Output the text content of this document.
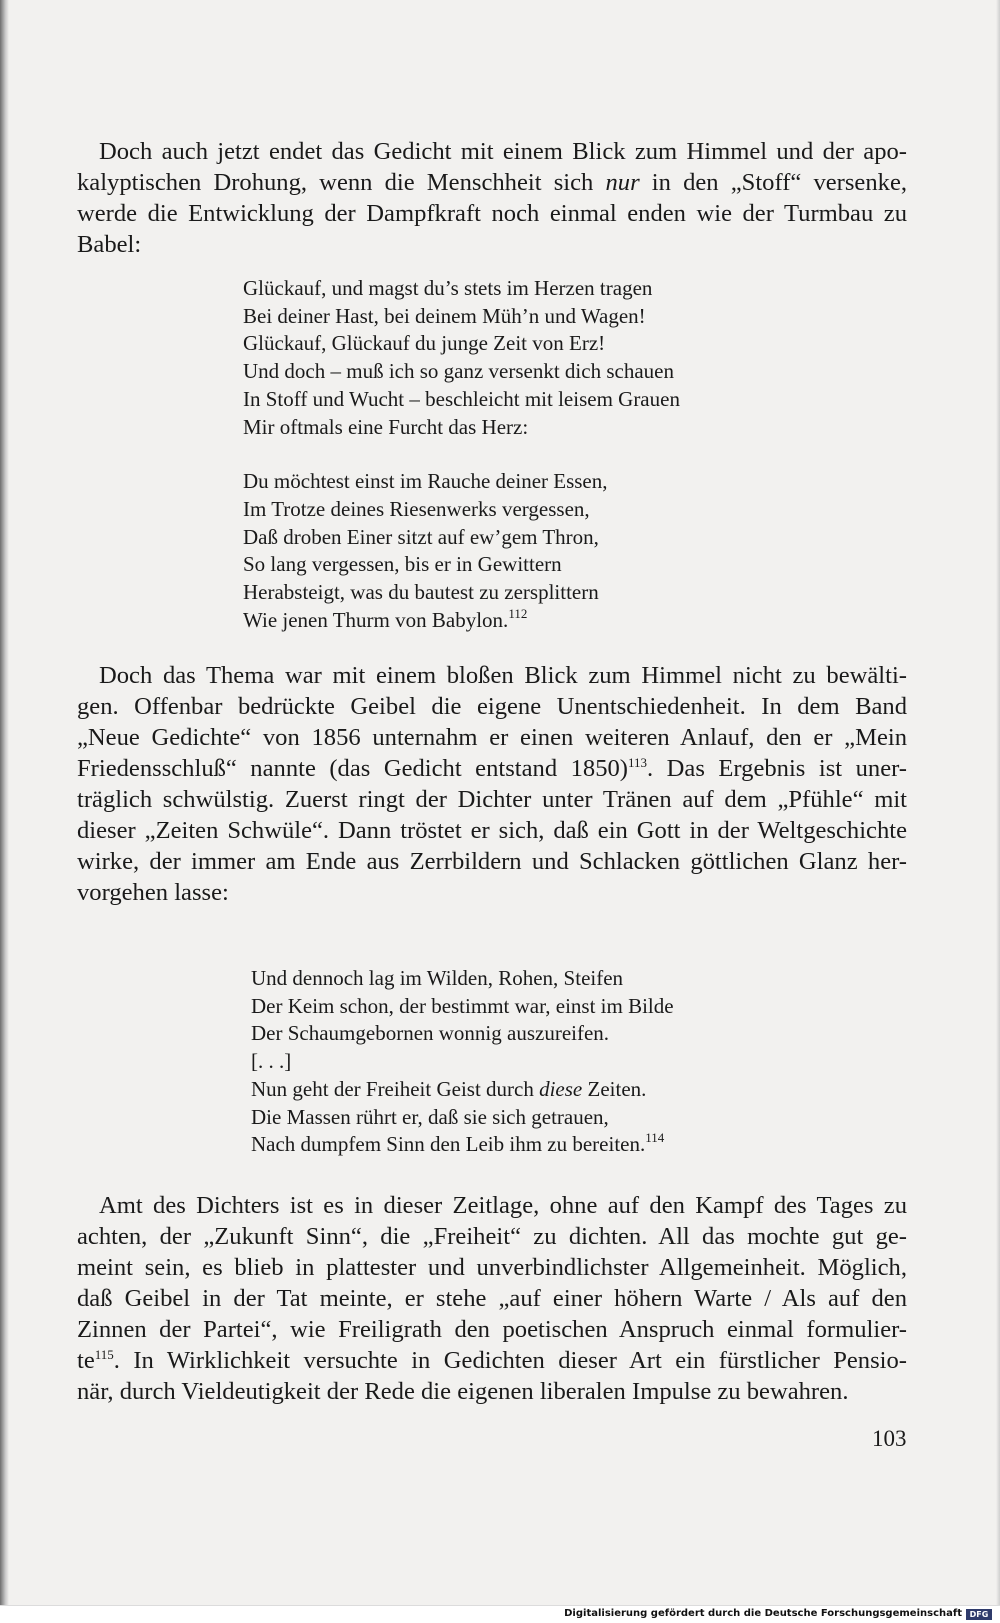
Doch auch jetzt endet das Gedicht mit einem Blick zum Himmel und der apo-
kalyptischen Drohung, wenn die Menschheit sich nur in den „Stoff“ versenke,
werde die Entwicklung der Dampfkraft noch einmal enden wie der Turmbau zu
Babel:
Glückauf, und magst du’s stets im Herzen tragen
Bei deiner Hast, bei deinem Müh’n und Wagen!
Glückauf, Glückauf du junge Zeit von Erz!
Und doch – muß ich so ganz versenkt dich schauen
In Stoff und Wucht – beschleicht mit leisem Grauen
Mir oftmals eine Furcht das Herz:
Du möchtest einst im Rauche deiner Essen,
Im Trotze deines Riesenwerks vergessen,
Daß droben Einer sitzt auf ew’gem Thron,
So lang vergessen, bis er in Gewittern
Herabsteigt, was du bautest zu zersplittern
Wie jenen Thurm von Babylon.$^{112}$
Doch das Thema war mit einem bloßen Blick zum Himmel nicht zu bewälti-
gen. Offenbar bedrückte Geibel die eigene Unentschiedenheit. In dem Band
„Neue Gedichte“ von 1856 unternahm er einen weiteren Anlauf, den er „Mein
Friedensschluß“ nannte (das Gedicht entstand 1850)$^{113}$. Das Ergebnis ist uner-
träglich schwülstig. Zuerst ringt der Dichter unter Tränen auf dem „Pfühle“ mit
dieser „Zeiten Schwüle“. Dann tröstet er sich, daß ein Gott in der Weltgeschichte
wirke, der immer am Ende aus Zerrbildern und Schlacken göttlichen Glanz her-
vorgehen lasse:
Und dennoch lag im Wilden, Rohen, Steifen
Der Keim schon, der bestimmt war, einst im Bilde
Der Schaumgebornen wonnig auszureifen.
[. . .]
Nun geht der Freiheit Geist durch diese Zeiten.
Die Massen rührt er, daß sie sich getrauen,
Nach dumpfem Sinn den Leib ihm zu bereiten.$^{114}$
Amt des Dichters ist es in dieser Zeitlage, ohne auf den Kampf des Tages zu
achten, der „Zukunft Sinn“, die „Freiheit“ zu dichten. All das mochte gut ge-
meint sein, es blieb in plattester und unverbindlichster Allgemeinheit. Möglich,
daß Geibel in der Tat meinte, er stehe „auf einer höhern Warte / Als auf den
Zinnen der Partei“, wie Freiligrath den poetischen Anspruch einmal formulier-
$te^{115}$. In Wirklichkeit versuchte in Gedichten dieser Art ein fürstlicher Pensio-
när, durch Vieldeutigkeit der Rede die eigenen liberalen Impulse zu bewahren.
103
Digitalisierung gefördert durch die Deutsche Forschungsgemeinschaft DFG
